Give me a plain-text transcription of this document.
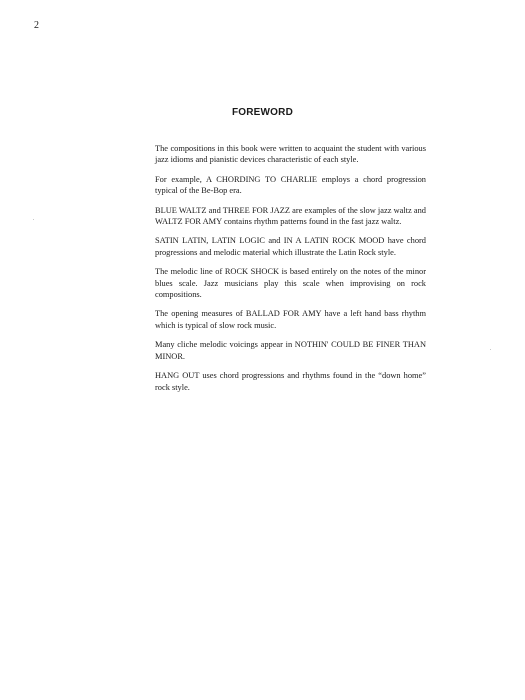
2
FOREWORD

The compositions in this book were written to acquaint the student with various jazz idioms and pianistic devices characteristic of each style.

For example, A CHORDING TO CHARLIE employs a chord progression typical of the Be-Bop era.

BLUE WALTZ and THREE FOR JAZZ are examples of the slow jazz waltz and WALTZ FOR AMY contains rhythm patterns found in the fast jazz waltz.

SATIN LATIN, LATIN LOGIC and IN A LATIN ROCK MOOD have chord progressions and melodic material which illustrate the Latin Rock style.

The melodic line of ROCK SHOCK is based entirely on the notes of the minor blues scale. Jazz musicians play this scale when improvising on rock compositions.

The opening measures of BALLAD FOR AMY have a left hand bass rhythm which is typical of slow rock music.

Many cliche melodic voicings appear in NOTHIN' COULD BE FINER THAN MINOR.

HANG OUT uses chord progressions and rhythms found in the “down home” rock style.
